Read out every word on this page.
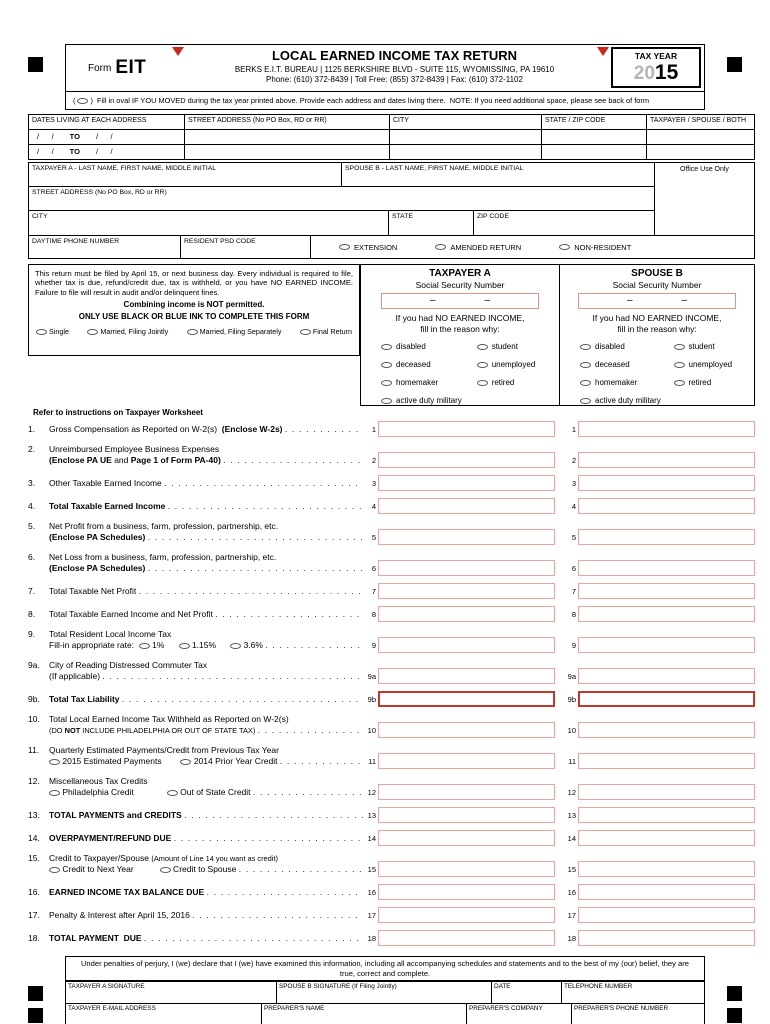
Form EIT
LOCAL EARNED INCOME TAX RETURN
BERKS E.I.T. BUREAU | 1125 BERKSHIRE BLVD - SUITE 115, WYOMISSING, PA 19610
Phone: (610) 372-8439 | Toll Free: (855) 372-8439 | Fax: (610) 372-1102
TAX YEAR
2015
( ) Fill in oval IF YOU MOVED during the tax year printed above. Provide each address and dates living there.  NOTE: If you need additional space, please see back of form
DATES LIVING AT EACH ADDRESS	STREET ADDRESS (No PO Box, RD or RR)	CITY	STATE / ZIP CODE	TAXPAYER / SPOUSE / BOTH
/      / TO /      /
/      / TO /      /
TAXPAYER A - LAST NAME, FIRST NAME, MIDDLE INITIAL	SPOUSE B - LAST NAME, FIRST NAME, MIDDLE INITIAL
STREET ADDRESS (No PO Box, RD or RR)
CITY	STATE	ZIP CODE
Office Use Only
DAYTIME PHONE NUMBER	RESIDENT PSD CODE
EXTENSION	AMENDED RETURN	NON-RESIDENT
This return must be filed by April 15, or next business day. Every individual is required to file, whether tax is due, refund/credit due, tax is withheld, or you have NO EARNED INCOME. Failure to file will result in audit and/or delinquent fines.
Combining income is NOT permitted.
ONLY USE BLACK OR BLUE INK TO COMPLETE THIS FORM
Single	Married, Filing Jointly	Married, Filing Separately	Final Return
TAXPAYER A
Social Security Number
–	–
If you had NO EARNED INCOME,
fill in the reason why:
disabled	student
deceased	unemployed
homemaker	retired
active duty military
SPOUSE B
Social Security Number
–	–
If you had NO EARNED INCOME,
fill in the reason why:
disabled	student
deceased	unemployed
homemaker	retired
active duty military
Refer to instructions on Taxpayer Worksheet
1. Gross Compensation as Reported on W-2(s)  (Enclose W-2s) .  .	1	1
2. Unreimbursed Employee Business Expenses
(Enclose PA UE and Page 1 of Form PA-40) .  .	2	2
3. Other Taxable Earned Income .  .	3	3
4. Total Taxable Earned Income .  .	4	4
5. Net Profit from a business, farm, profession, partnership, etc.
(Enclose PA Schedules) .  .	5	5
6. Net Loss from a business, farm, profession, partnership, etc.
(Enclose PA Schedules) .  .	6	6
7. Total Taxable Net Profit .  .	7	7
8. Total Taxable Earned Income and Net Profit .  .	8	8
9. Total Resident Local Income Tax
Fill-in appropriate rate:   1%       1.15%       3.6% .  .	9	9
9a. City of Reading Distressed Commuter Tax
(If applicable) .  .	9a	9a
9b. Total Tax Liability .  .	9b	9b
10. Total Local Earned Income Tax Withheld as Reported on W-2(s)
(DO NOT INCLUDE PHILADELPHIA OR OUT OF STATE TAX) .  .	10	10
11. Quarterly Estimated Payments/Credit from Previous Tax Year
2015 Estimated Payments         2014 Prior Year Credit .  .	11	11
12. Miscellaneous Tax Credits
Philadelphia Credit               Out of State Credit .  .	12	12
13. TOTAL PAYMENTS and CREDITS .  .	13	13
14. OVERPAYMENT/REFUND DUE .  .	14	14
15. Credit to Taxpayer/Spouse (Amount of Line 14 you want as credit)
Credit to Next Year            Credit to Spouse .  .	15	15
16. EARNED INCOME TAX BALANCE DUE .  .	16	16
17. Penalty & Interest after April 15, 2016 .  .	17	17
18. TOTAL PAYMENT  DUE .  .	18	18
Under penalties of perjury, I (we) declare that I (we) have examined this information, including all accompanying schedules and statements and to the best of my (our) belief, they are true, correct and complete.
TAXPAYER A SIGNATURE	SPOUSE B SIGNATURE (If Filing Jointly)	DATE	TELEPHONE NUMBER
TAXPAYER E-MAIL ADDRESS	PREPARER'S NAME	PREPARER'S COMPANY	PREPARER'S PHONE NUMBER
